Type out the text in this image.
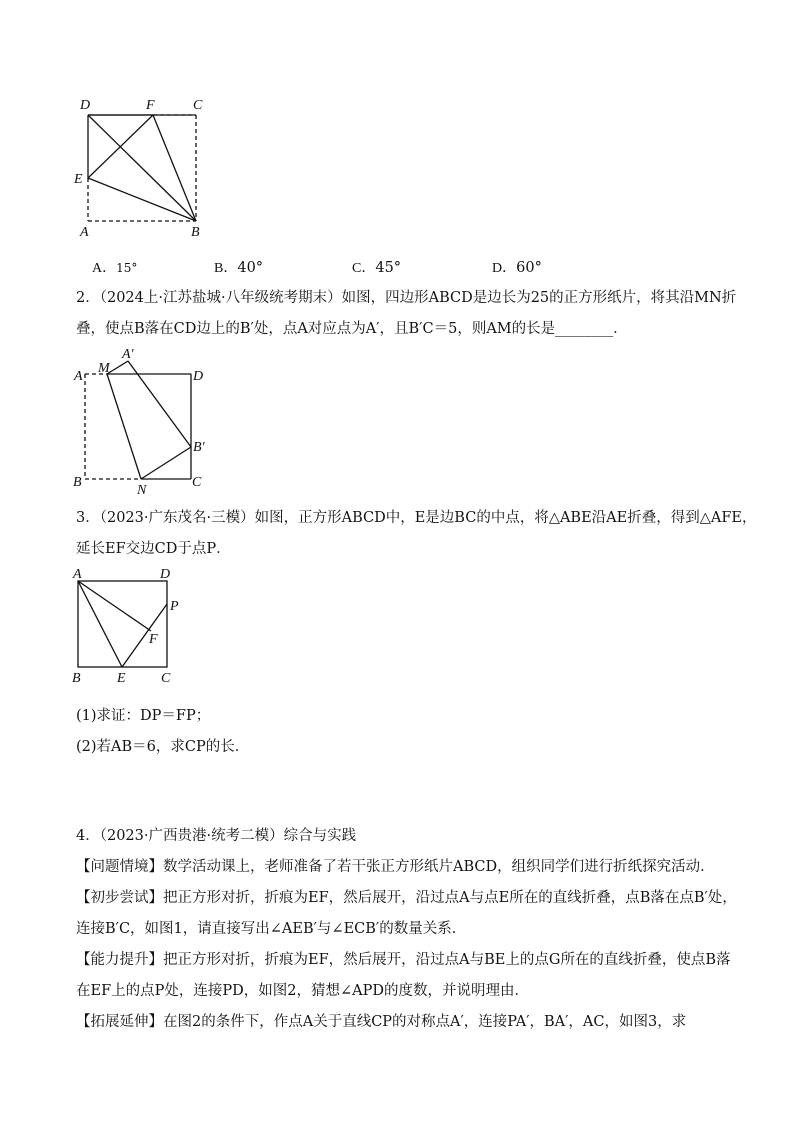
D	F	C
E
A	B
A．15°	B．40°	C．45°	D．60°
2．（2024上·江苏盐城·八年级统考期末）如图，四边形ABCD是边长为25的正方形纸片，将其沿MN折
叠，使点B落在CD边上的B′处，点A对应点为A′，且B′C＝5，则AM的长是________．
A′
A
M
D
B′
B
N
C
3．（2023·广东茂名·三模）如图，正方形ABCD中，E是边BC的中点，将△ABE沿AE折叠，得到△AFE，
延长EF交边CD于点P．
A	D
P
F
B	E	C
(1)求证：DP＝FP；
(2)若AB＝6，求CP的长．
4．（2023·广西贵港·统考二模）综合与实践
【问题情境】数学活动课上，老师准备了若干张正方形纸片ABCD，组织同学们进行折纸探究活动．
【初步尝试】把正方形对折，折痕为EF，然后展开，沿过点A与点E所在的直线折叠，点B落在点B′处，
连接B′C，如图1，请直接写出∠AEB′与∠ECB′的数量关系．
【能力提升】把正方形对折，折痕为EF，然后展开，沿过点A与BE上的点G所在的直线折叠，使点B落
在EF上的点P处，连接PD，如图2，猜想∠APD的度数，并说明理由．
【拓展延伸】在图2的条件下，作点A关于直线CP的对称点A′，连接PA′，BA′，AC，如图3，求
